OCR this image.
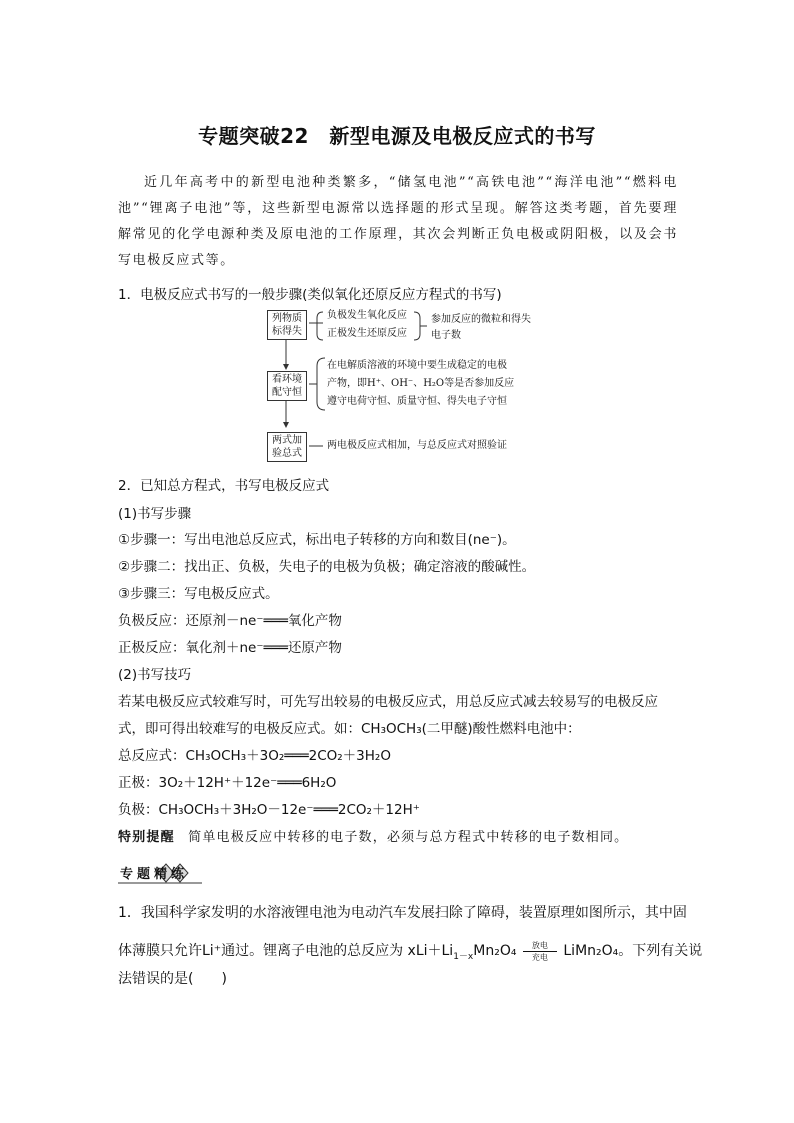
专题突破22　新型电源及电极反应式的书写
近几年高考中的新型电池种类繁多，“储氢电池”“高铁电池”“海洋电池”“燃料电池”“锂离子电池”等，这些新型电源常以选择题的形式呈现。解答这类考题，首先要理解常见的化学电源种类及原电池的工作原理，其次会判断正负电极或阴阳极，以及会书写电极反应式等。
1．电极反应式书写的一般步骤(类似氧化还原反应方程式的书写)
列物质标得失
看环境配守恒
两式加验总式
负极发生氧化反应
正极发生还原反应
参加反应的微粒和得失电子数
在电解质溶液的环境中要生成稳定的电极
产物，即H⁺、OH⁻、H₂O等是否参加反应
遵守电荷守恒、质量守恒、得失电子守恒
两电极反应式相加，与总反应式对照验证
2．已知总方程式，书写电极反应式
(1)书写步骤
①步骤一：写出电池总反应式，标出电子转移的方向和数目(ne⁻)。
②步骤二：找出正、负极，失电子的电极为负极；确定溶液的酸碱性。
③步骤三：写电极反应式。
负极反应：还原剂－ne⁻═══氧化产物
正极反应：氧化剂＋ne⁻═══还原产物
(2)书写技巧
若某电极反应式较难写时，可先写出较易的电极反应式，用总反应式减去较易写的电极反应
式，即可得出较难写的电极反应式。如：CH₃OCH₃(二甲醚)酸性燃料电池中：
总反应式：CH₃OCH₃＋3O₂═══2CO₂＋3H₂O
正极：3O₂＋12H⁺＋12e⁻═══6H₂O
负极：CH₃OCH₃＋3H₂O－12e⁻═══2CO₂＋12H⁺
特别提醒 简单电极反应中转移的电子数，必须与总方程式中转移的电子数相同。
专题精练
1．我国科学家发明的水溶液锂电池为电动汽车发展扫除了障碍，装置原理如图所示，其中固
体薄膜只允许Li⁺通过。锂离子电池的总反应为 $xLi+Li_{1-x}Mn_2O_4 \frac{\text{放电}}{\text{充电}}$ LiMn₂O₄。下列有关说
法错误的是(　　)
